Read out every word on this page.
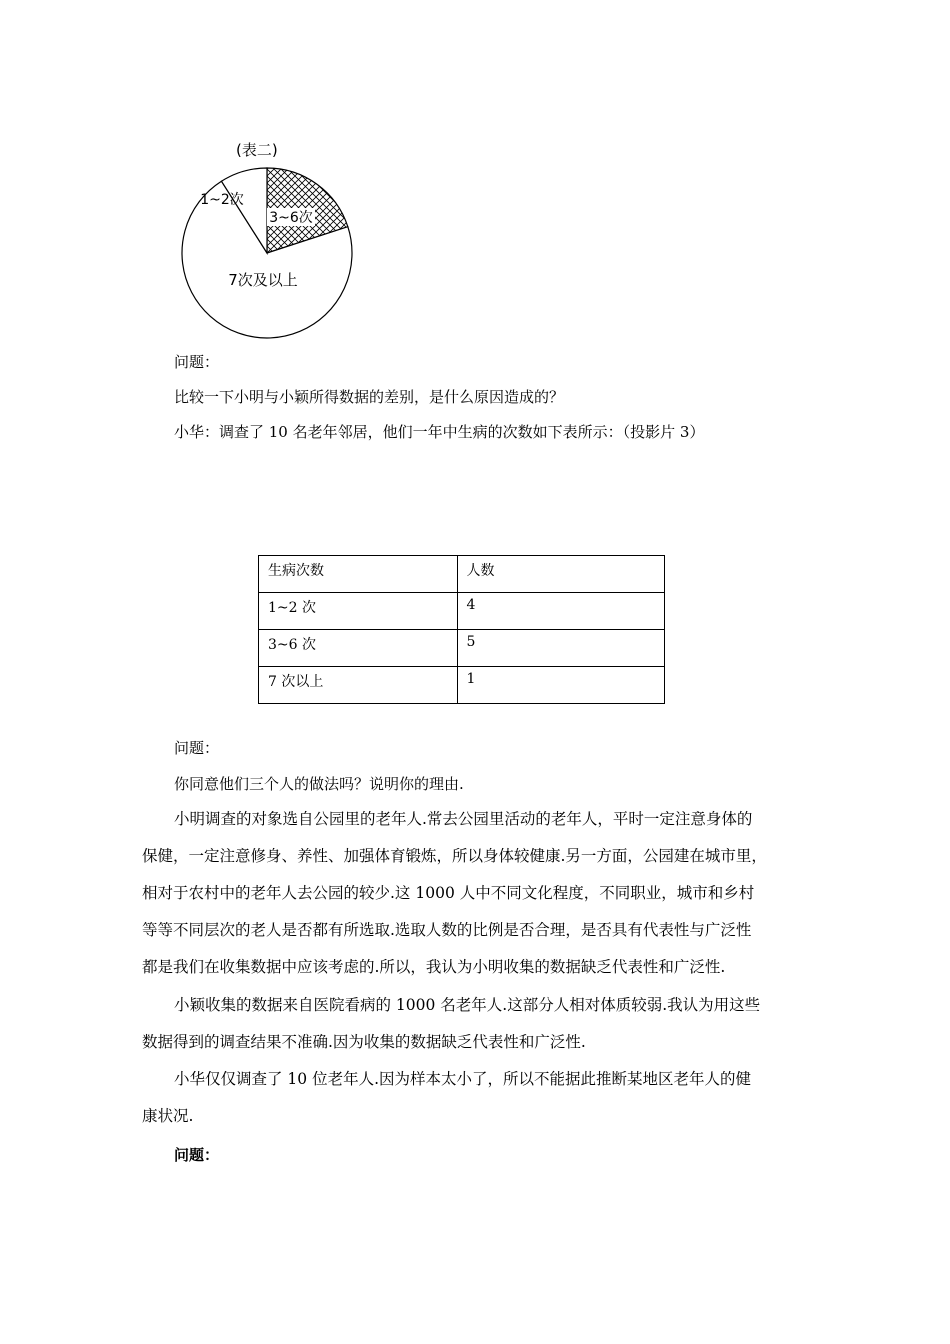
(表二)
1~2次
3~6次
7次及以上
问题：
比较一下小明与小颖所得数据的差别，是什么原因造成的？
小华：调查了 10 名老年邻居，他们一年中生病的次数如下表所示：（投影片 3）
生病次数	人数
1~2 次	4
3~6 次	5
7 次以上	1
问题：
你同意他们三个人的做法吗？说明你的理由.
小明调查的对象选自公园里的老年人.常去公园里活动的老年人，平时一定注意身体的
保健，一定注意修身、养性、加强体育锻炼，所以身体较健康.另一方面，公园建在城市里，
相对于农村中的老年人去公园的较少.这 1000 人中不同文化程度，不同职业，城市和乡村
等等不同层次的老人是否都有所选取.选取人数的比例是否合理，是否具有代表性与广泛性
都是我们在收集数据中应该考虑的.所以，我认为小明收集的数据缺乏代表性和广泛性.
小颖收集的数据来自医院看病的 1000 名老年人.这部分人相对体质较弱.我认为用这些
数据得到的调查结果不准确.因为收集的数据缺乏代表性和广泛性.
小华仅仅调查了 10 位老年人.因为样本太小了，所以不能据此推断某地区老年人的健
康状况.
问题：
